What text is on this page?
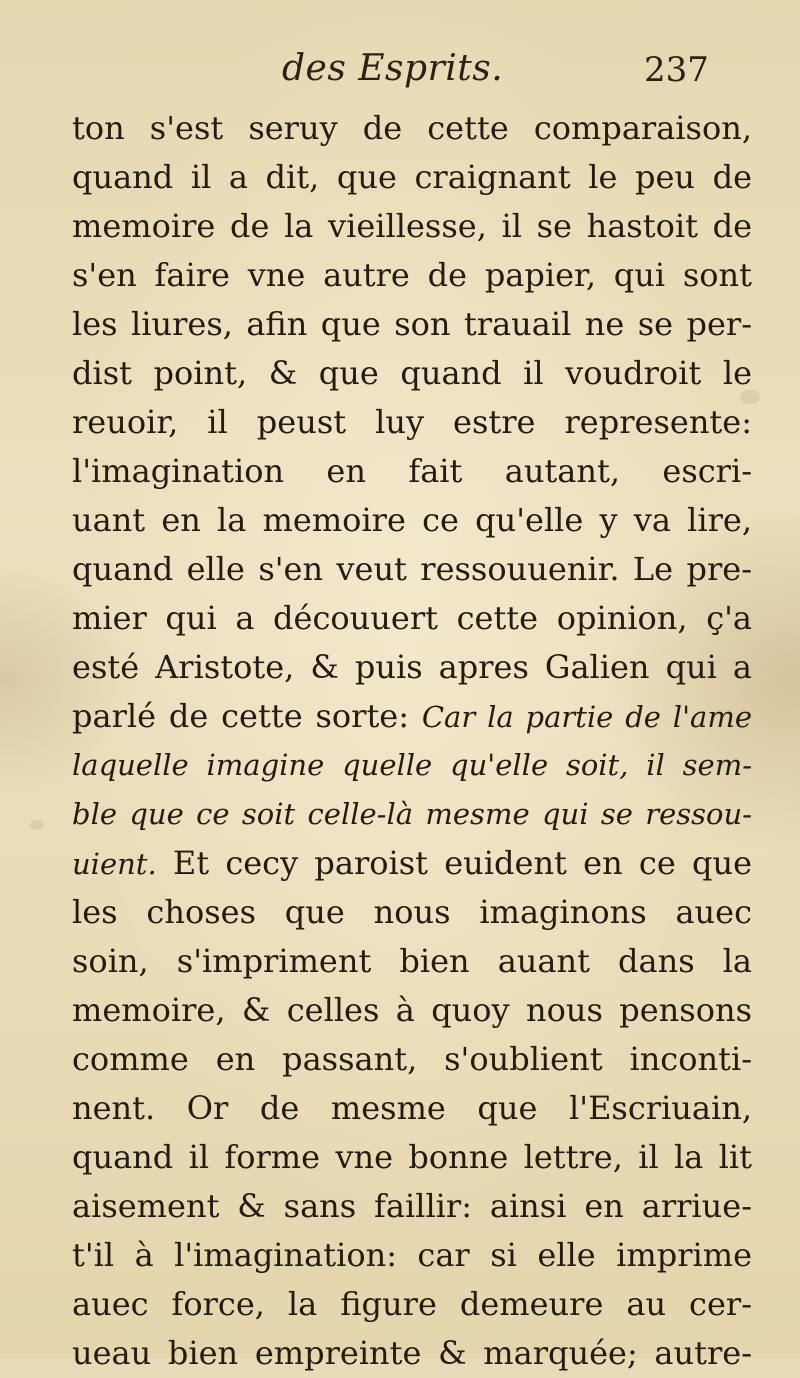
des Esprits.	237
ton s'est seruy de cette comparaison,
quand il a dit, que craignant le peu de
memoire de la vieillesse, il se hastoit de
s'en faire vne autre de papier, qui sont
les liures, afin que son trauail ne se per-
dist point, & que quand il voudroit le
reuoir, il peust luy estre represente:
l'imagination en fait autant, escri-
uant en la memoire ce qu'elle y va lire,
quand elle s'en veut ressouuenir. Le pre-
mier qui a découuert cette opinion, ç'a
esté Aristote, & puis apres Galien qui a
parlé de cette sorte: Car la partie de l'ame
laquelle imagine quelle qu'elle soit, il sem-
ble que ce soit celle-là mesme qui se ressou-
uient. Et cecy paroist euident en ce que
les choses que nous imaginons auec
soin, s'impriment bien auant dans la
memoire, & celles à quoy nous pensons
comme en passant, s'oublient inconti-
nent. Or de mesme que l'Escriuain,
quand il forme vne bonne lettre, il la lit
aisement & sans faillir: ainsi en arriue-
t'il à l'imagination: car si elle imprime
auec force, la figure demeure au cer-
ueau bien empreinte & marquée; autre-
